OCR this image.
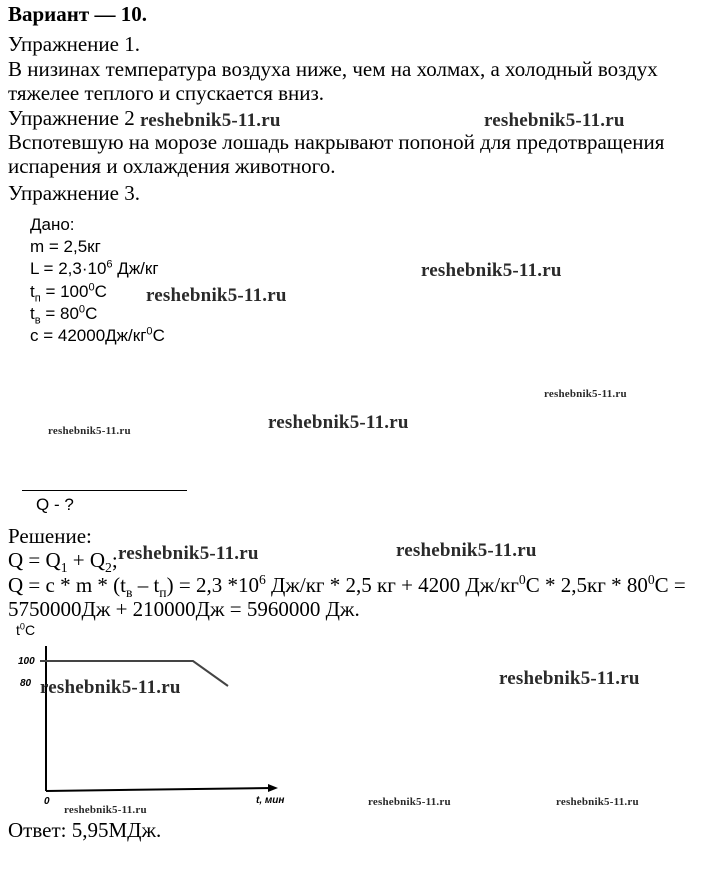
Вариант — 10.
Упражнение 1.
В низинах температура воздуха ниже, чем на холмах, а холодный воздух
тяжелее теплого и спускается вниз.
Упражнение 2
Вспотевшую на морозе лошадь накрывают попоной для предотвращения
испарения и охлаждения животного.
Упражнение 3.
Дано:
m = 2,5кг
$L = 2,3\cdot 10^6$ Дж/кг
$t_п = 100^0C$
$t_в = 80^0C$
$c = 42000Дж/кг^0C$
Q - ?
Решение:
$Q = Q_1 + Q_2$;
$Q = c * m * (t_в - t_п) = 2,3$ $*10^6$ Дж/кг * 2,5 кг + 4200 $Дж/кг^0С * 2,5кг * 80^0С$ =
5750000Дж + 210000Дж = 5960000 Дж.
$t^0C$
100
80
0	t, мин
Ответ: 5,95МДж.
reshebnik5-11.ru	reshebnik5-11.ru
reshebnik5-11.ru
reshebnik5-11.ru
reshebnik5-11.ru
reshebnik5-11.ru
reshebnik5-11.ru
reshebnik5-11.ru	reshebnik5-11.ru
reshebnik5-11.ru	reshebnik5-11.ru
reshebnik5-11.ru
reshebnik5-11.ru	reshebnik5-11.ru
